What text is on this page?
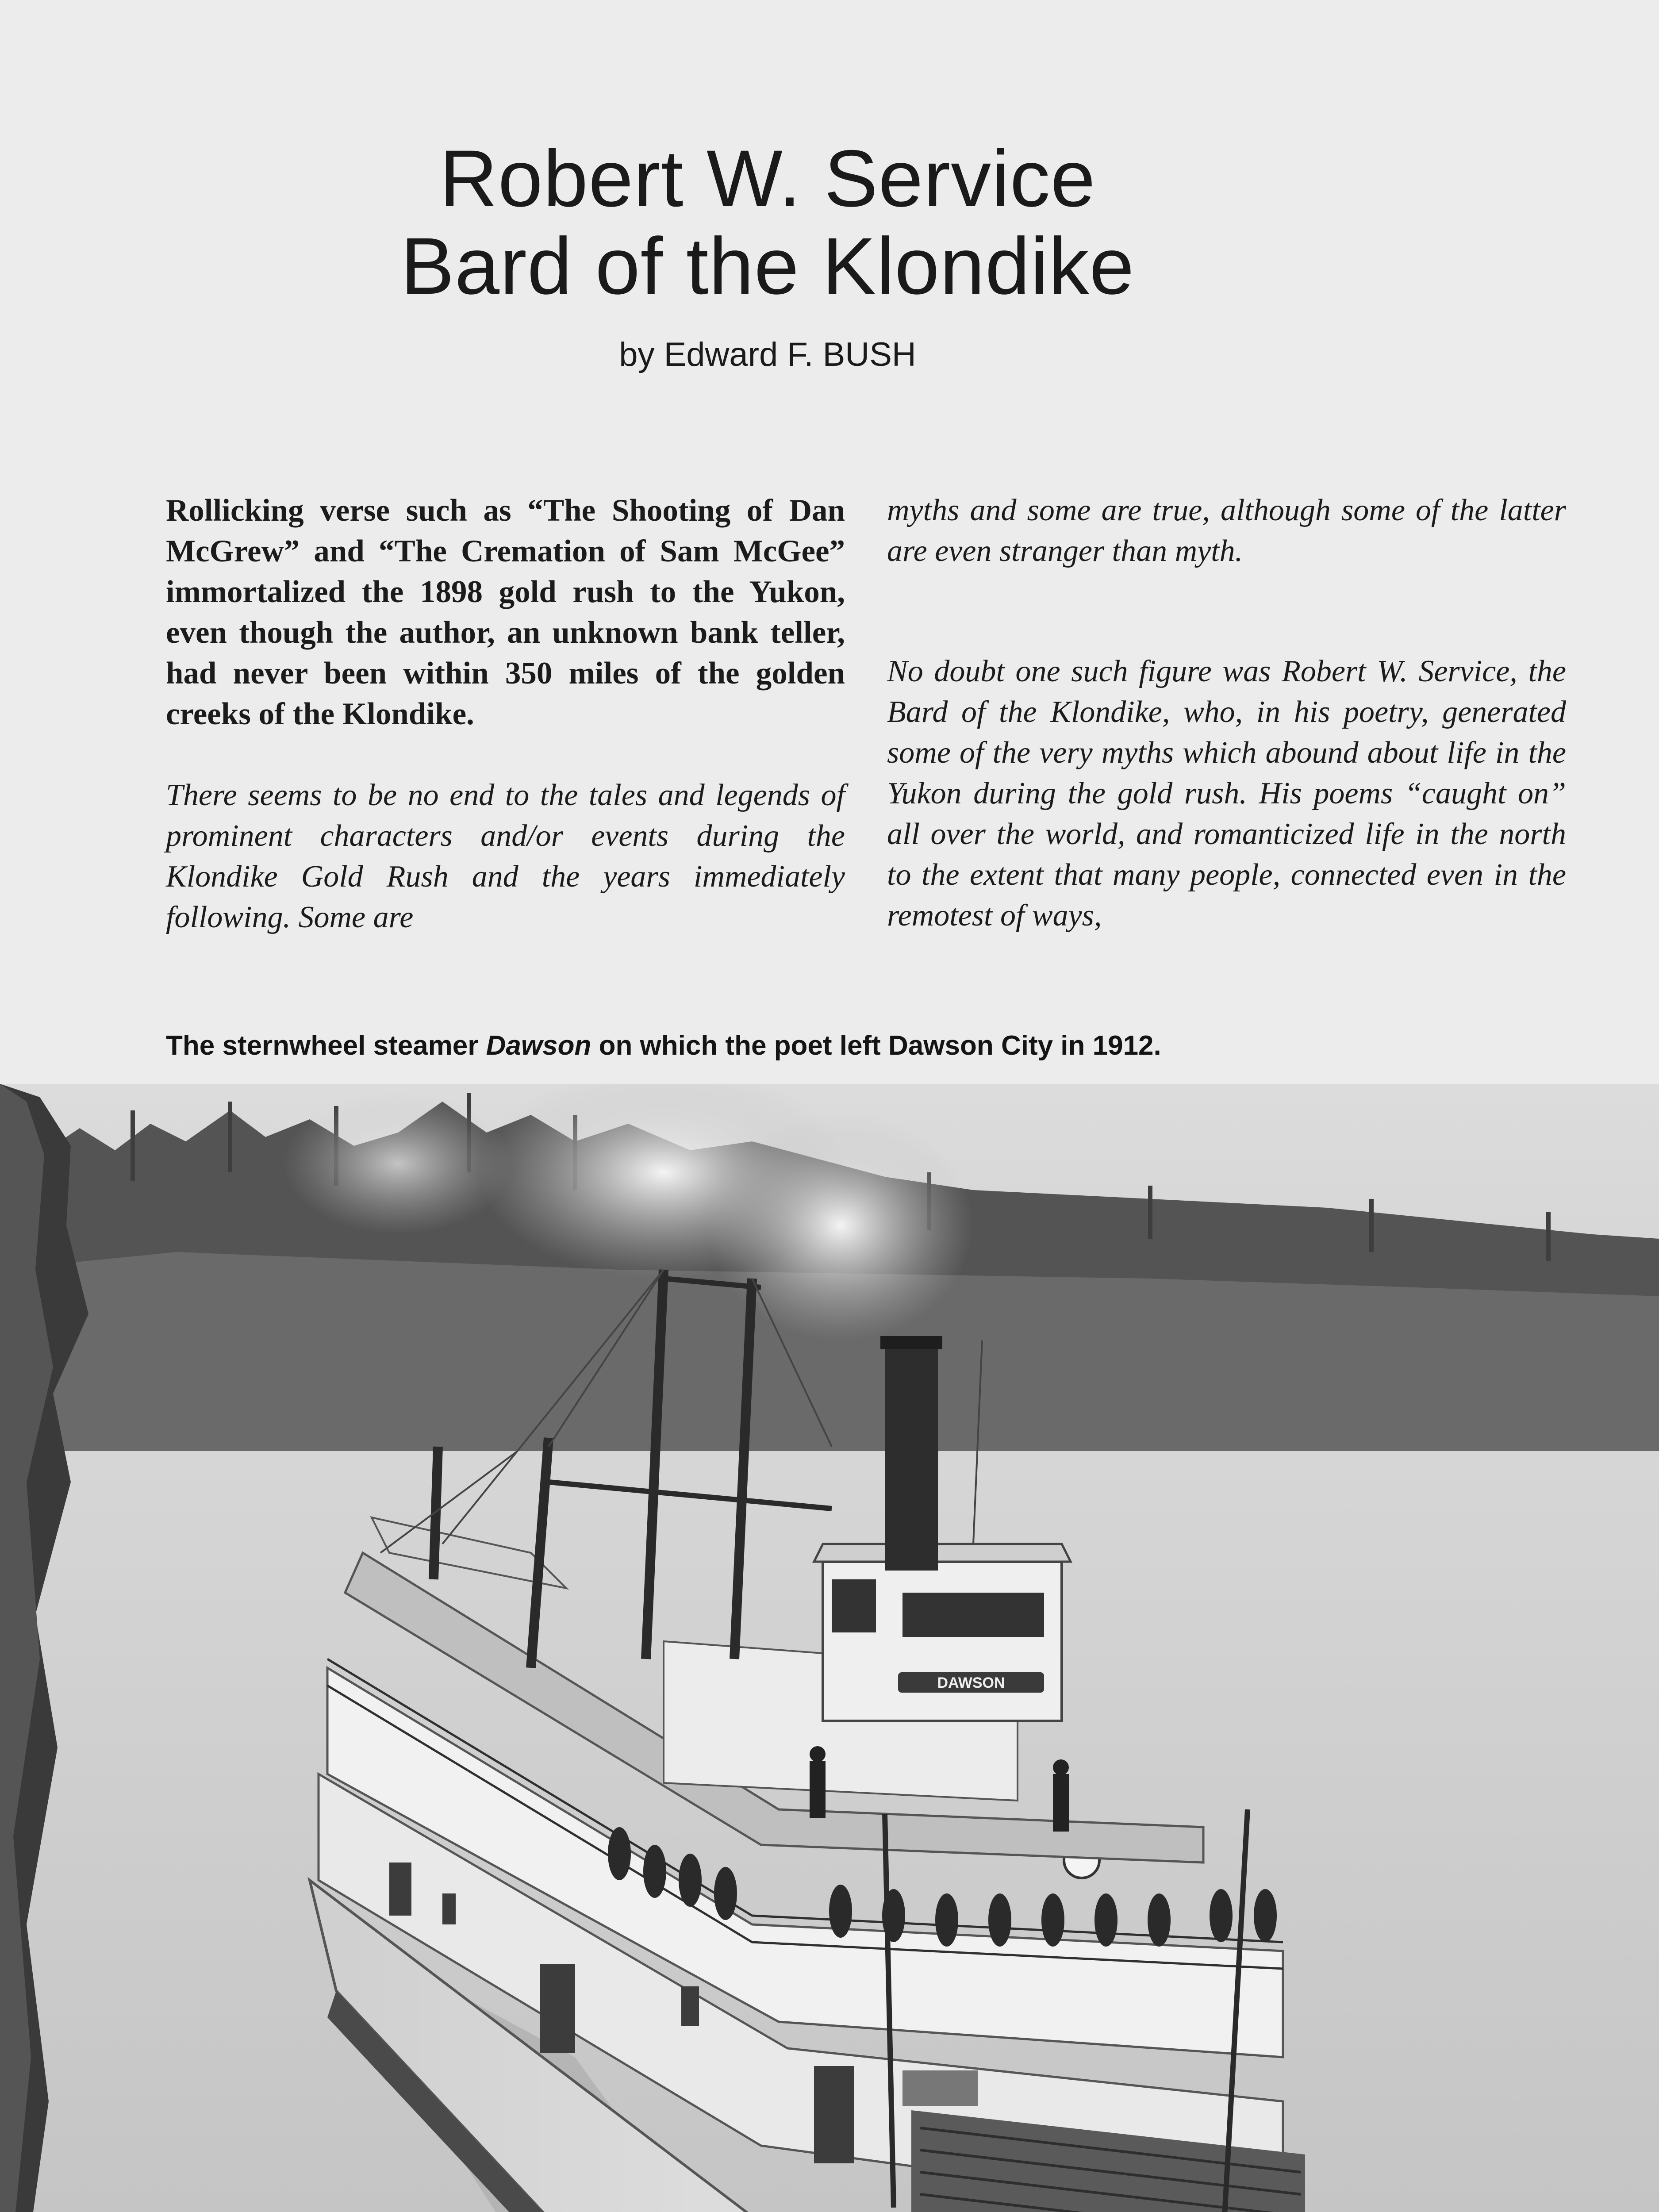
Robert W. Service
Bard of the Klondike
by Edward F. BUSH

Rollicking verse such as “The Shooting of Dan McGrew” and “The Cremation of Sam McGee” immortalized the 1898 gold rush to the Yukon, even though the author, an unknown bank teller, had never been within 350 miles of the golden creeks of the Klondike.

There seems to be no end to the tales and legends of prominent characters and/or events during the Klondike Gold Rush and the years immediately following. Some are

myths and some are true, although some of the latter are even stranger than myth.

No doubt one such figure was Robert W. Service, the Bard of the Klondike, who, in his poetry, generated some of the very myths which abound about life in the Yukon during the gold rush. His poems “caught on” all over the world, and romanticized life in the north to the extent that many people, connected even in the remotest of ways,

The sternwheel steamer Dawson on which the poet left Dawson City in 1912.
DAWSON
